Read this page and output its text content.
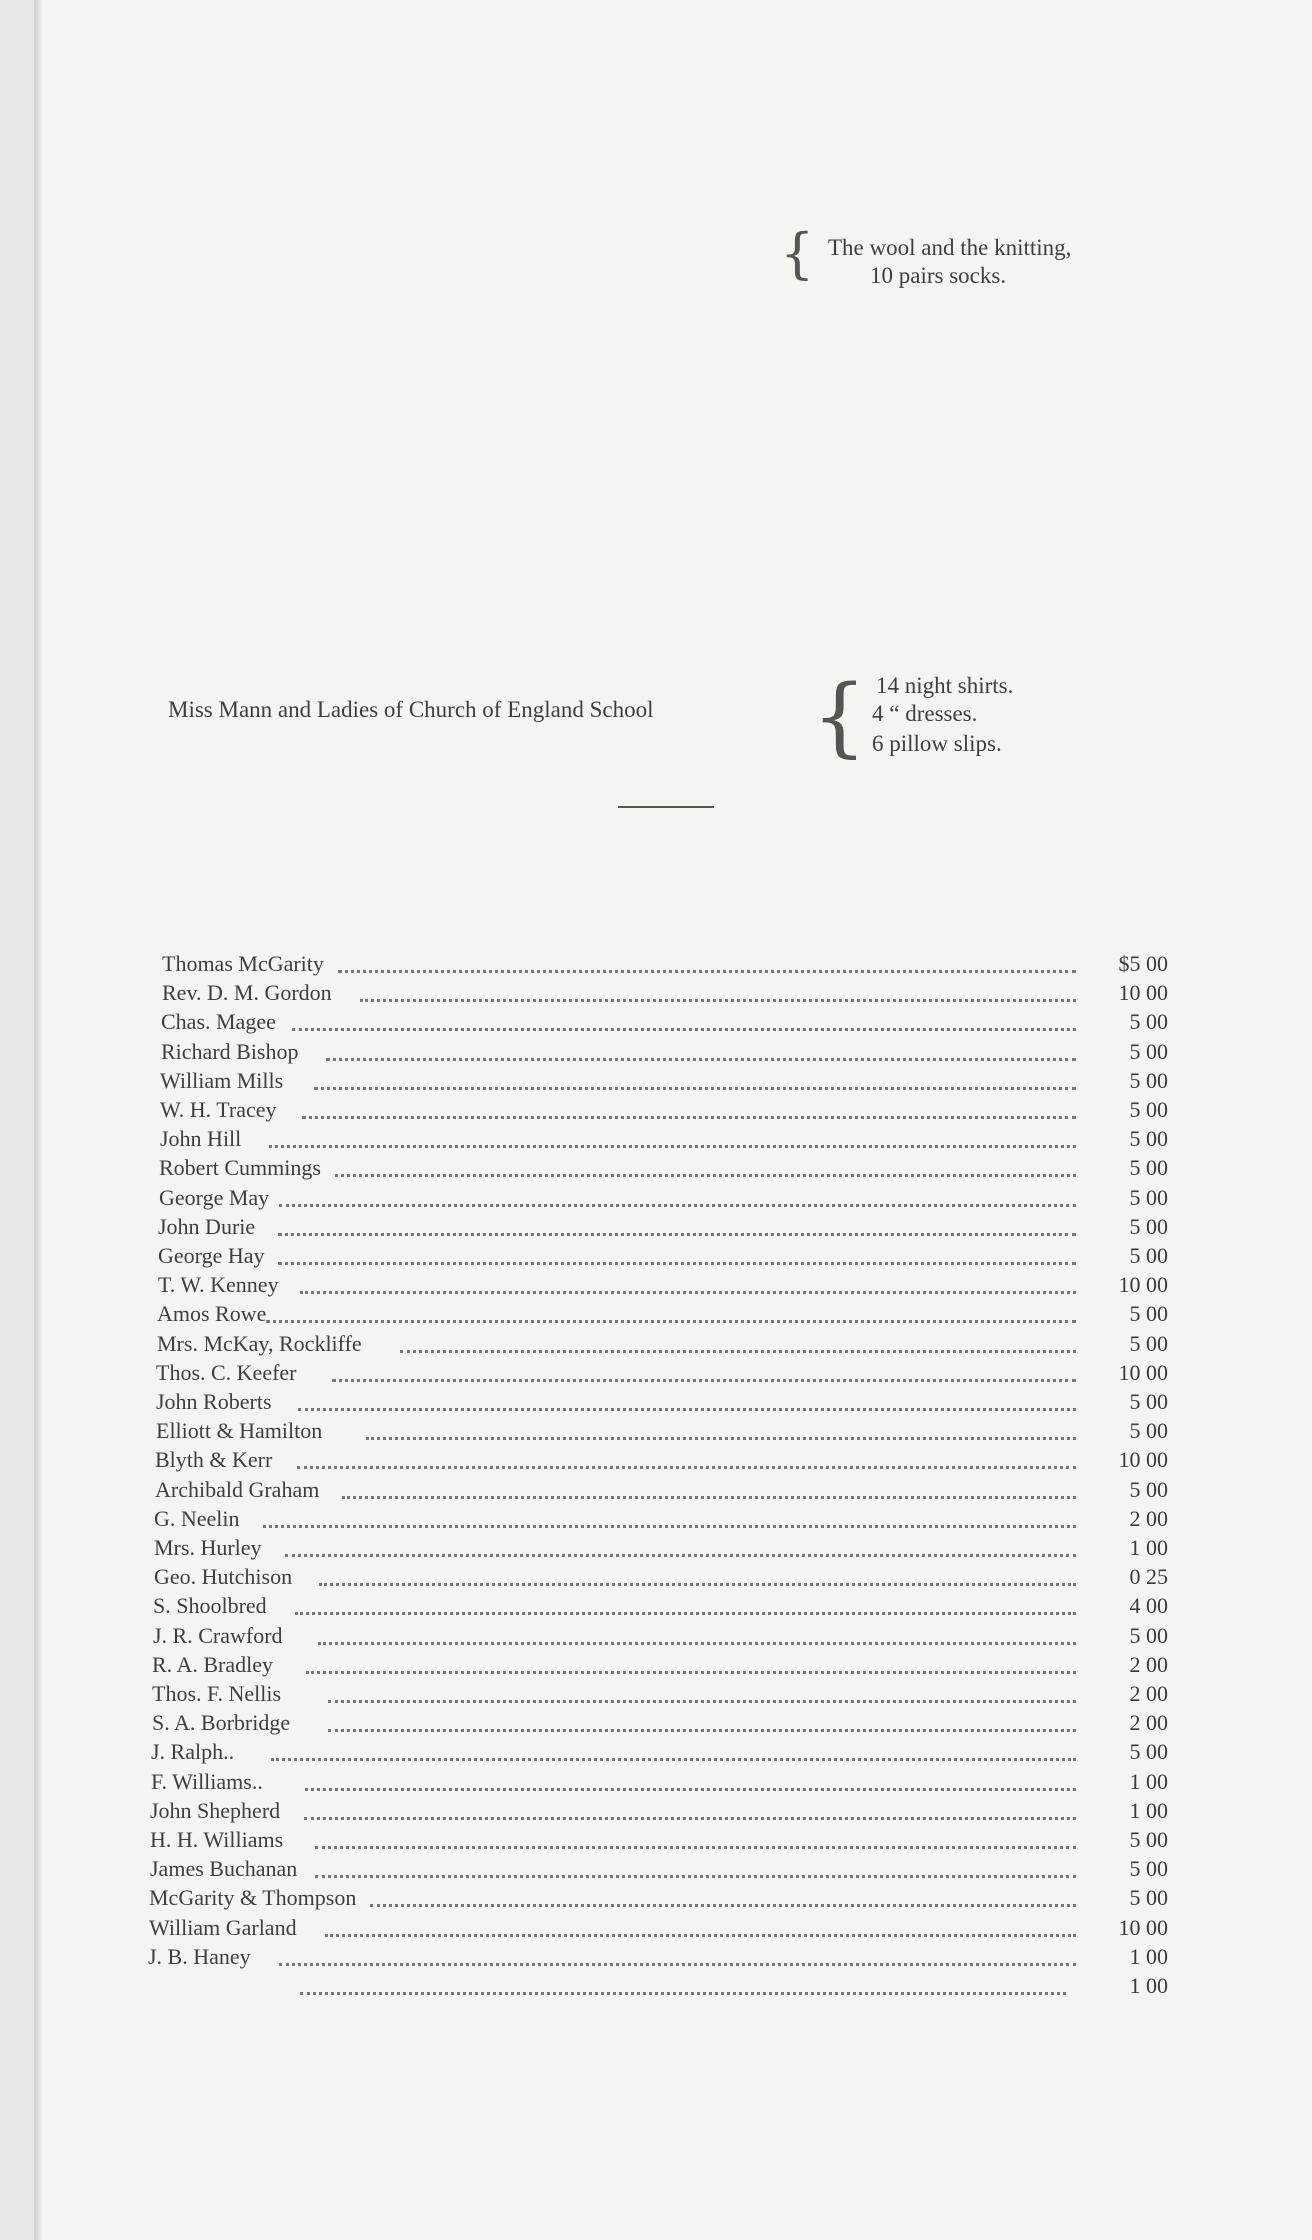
{ The wool and the knitting,
10 pairs socks.
Miss Mann and Ladies of Church of England School { 14 night shirts.
4 “ dresses.
6 pillow slips.
Thomas McGarity	$5 00
Rev. D. M. Gordon	10 00
Chas. Magee	5 00
Richard Bishop	5 00
William Mills	5 00
W. H. Tracey	5 00
John Hill	5 00
Robert Cummings	5 00
George May	5 00
John Durie	5 00
George Hay	5 00
T. W. Kenney	10 00
Amos Rowe	5 00
Mrs. McKay, Rockliffe	5 00
Thos. C. Keefer	10 00
John Roberts	5 00
Elliott & Hamilton	5 00
Blyth & Kerr	10 00
Archibald Graham	5 00
G. Neelin	2 00
Mrs. Hurley	1 00
Geo. Hutchison	0 25
S. Shoolbred	4 00
J. R. Crawford	5 00
R. A. Bradley	2 00
Thos. F. Nellis	2 00
S. A. Borbridge	2 00
J. Ralph..	5 00
F. Williams..	1 00
John Shepherd	1 00
H. H. Williams	5 00
James Buchanan	5 00
McGarity & Thompson	5 00
William Garland	10 00
J. B. Haney	1 00
1 00
